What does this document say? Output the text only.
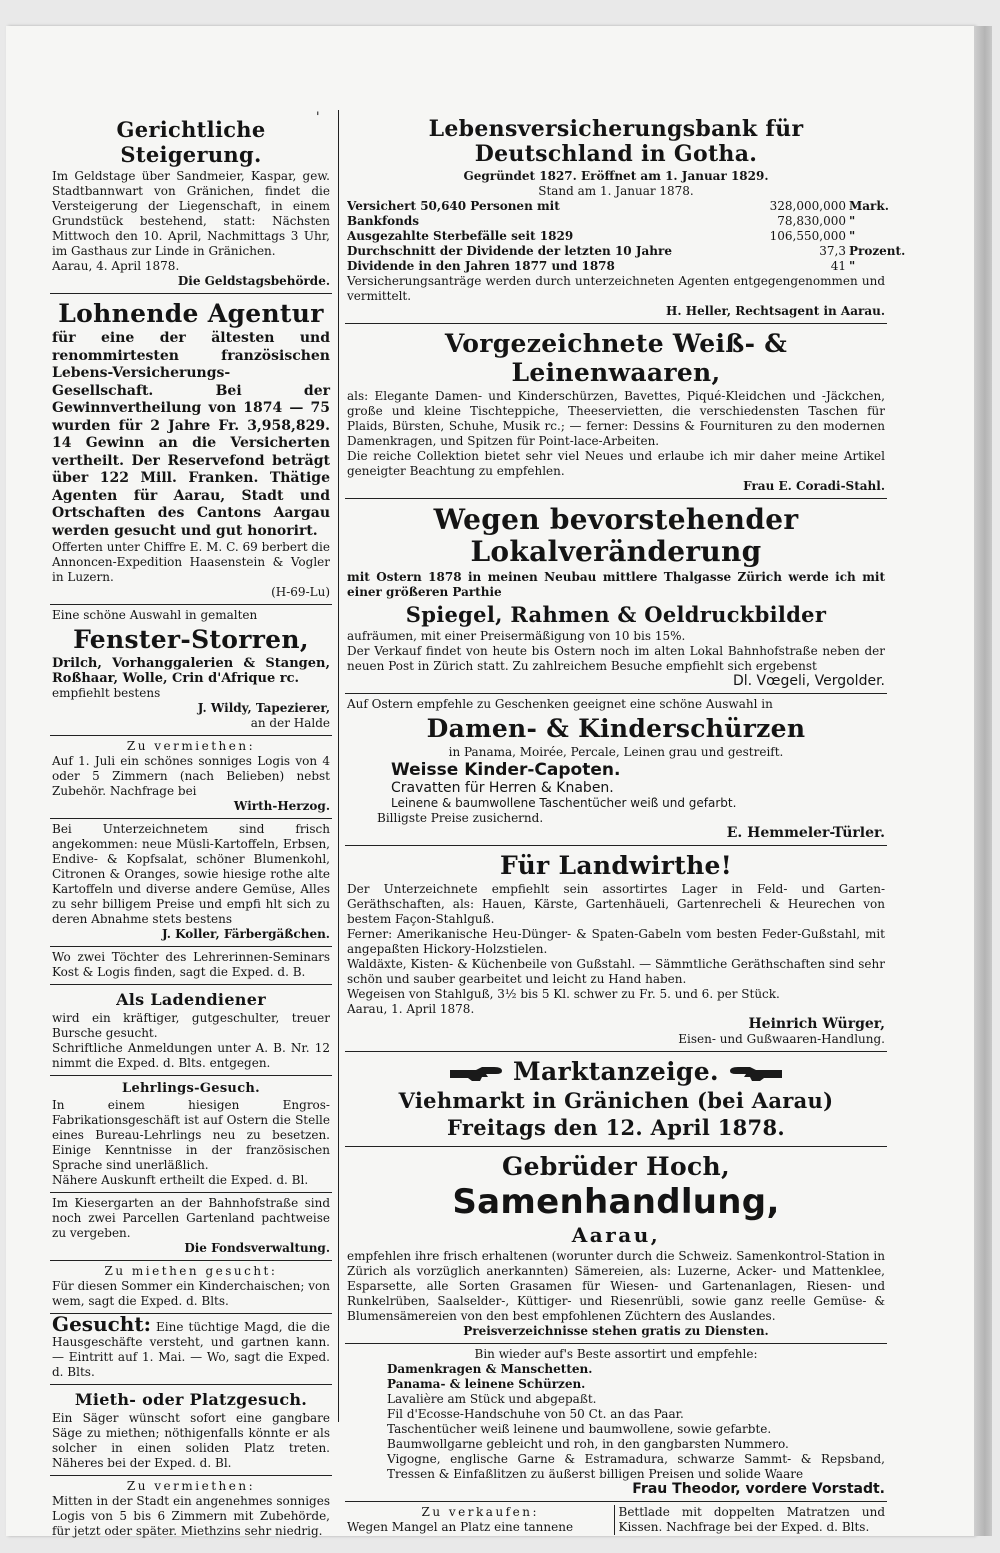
'
Gerichtliche Steigerung.

Im Geldstage über Sandmeier, Kaspar, gew. Stadtbannwart von Gränichen, findet die Versteigerung der Liegenschaft, in einem Grundstück bestehend, statt: Nächsten Mittwoch den 10. April, Nachmittags 3 Uhr, im Gasthaus zur Linde in Gränichen.

Aarau, 4. April 1878.

Die Geldstagsbehörde.

Lohnende Agentur

für eine der ältesten und renommirtesten französischen Lebens-Versicherungs-Gesellschaft. Bei der Gewinnvertheilung von 1874 — 75 wurden für 2 Jahre Fr. 3,958,829. 14 Gewinn an die Versicherten vertheilt. Der Reservefond beträgt über 122 Mill. Franken. Thätige Agenten für Aarau, Stadt und Ortschaften des Cantons Aargau werden gesucht und gut honorirt.

Offerten unter Chiffre E. M. C. 69 berbert die Annoncen-Expedition Haasenstein & Vogler in Luzern.

(H-69-Lu)

Eine schöne Auswahl in gemalten

Fenster-Storren,

Drilch, Vorhanggalerien & Stangen, Roßhaar, Wolle, Crin d'Afrique rc.

empfiehlt bestens

J. Wildy, Tapezierer,

an der Halde

Zu vermiethen:

Auf 1. Juli ein schönes sonniges Logis von 4 oder 5 Zimmern (nach Belieben) nebst Zubehör. Nachfrage bei

Wirth-Herzog.

Bei Unterzeichnetem sind frisch angekommen: neue Müsli-Kartoffeln, Erbsen, Endive- & Kopfsalat, schöner Blumenkohl, Citronen & Oranges, sowie hiesige rothe alte Kartoffeln und diverse andere Gemüse, Alles zu sehr billigem Preise und empfi hlt sich zu deren Abnahme stets bestens

J. Koller, Färbergäßchen.

Wo zwei Töchter des Lehrerinnen-Seminars Kost & Logis finden, sagt die Exped. d. B.

Als Ladendiener

wird ein kräftiger, gutgeschulter, treuer Bursche gesucht.

Schriftliche Anmeldungen unter A. B. Nr. 12 nimmt die Exped. d. Blts. entgegen.

Lehrlings-Gesuch.

In einem hiesigen Engros-Fabrikationsgeschäft ist auf Ostern die Stelle eines Bureau-Lehrlings neu zu besetzen. Einige Kenntnisse in der französischen Sprache sind unerläßlich.

Nähere Auskunft ertheilt die Exped. d. Bl.

Im Kiesergarten an der Bahnhofstraße sind noch zwei Parcellen Gartenland pachtweise zu vergeben.

Die Fondsverwaltung.

Zu miethen gesucht:

Für diesen Sommer ein Kinderchaischen; von wem, sagt die Exped. d. Blts.

Gesucht: Eine tüchtige Magd, die die Hausgeschäfte versteht, und gartnen kann. — Eintritt auf 1. Mai. — Wo, sagt die Exped. d. Blts.

Mieth- oder Platzgesuch.

Ein Säger wünscht sofort eine gangbare Säge zu miethen; nöthigenfalls könnte er als solcher in einen soliden Platz treten. Näheres bei der Exped. d. Bl.

Zu vermiethen:

Mitten in der Stadt ein angenehmes sonniges Logis von 5 bis 6 Zimmern mit Zubehörde, für jetzt oder später. Miethzins sehr niedrig.

Lebensversicherungsbank für Deutschland in Gotha.

Gegründet 1827. Eröffnet am 1. Januar 1829.

Stand am 1. Januar 1878.

Versichert 50,640 Personen mit	328,000,000 Mark.
Bankfonds	78,830,000 "
Ausgezahlte Sterbefälle seit 1829	106,550,000 "
Durchschnitt der Dividende der letzten 10 Jahre	37,3 Prozent.
Dividende in den Jahren 1877 und 1878	41 "

Versicherungsanträge werden durch unterzeichneten Agenten entgegengenommen und vermittelt.

H. Heller, Rechtsagent in Aarau.

Vorgezeichnete Weiß- & Leinenwaaren,

als: Elegante Damen- und Kinderschürzen, Bavettes, Piqué-Kleidchen und -Jäckchen, große und kleine Tischteppiche, Theeservietten, die verschiedensten Taschen für Plaids, Bürsten, Schuhe, Musik rc.; — ferner: Dessins & Fournituren zu den modernen Damenkragen, und Spitzen für Point-lace-Arbeiten.

Die reiche Collektion bietet sehr viel Neues und erlaube ich mir daher meine Artikel geneigter Beachtung zu empfehlen.

Frau E. Coradi-Stahl.

Wegen bevorstehender Lokalveränderung

mit Ostern 1878 in meinen Neubau mittlere Thalgasse Zürich werde ich mit einer größeren Parthie

Spiegel, Rahmen & Oeldruckbilder

aufräumen, mit einer Preisermäßigung von 10 bis 15%.

Der Verkauf findet von heute bis Ostern noch im alten Lokal Bahnhofstraße neben der neuen Post in Zürich statt. Zu zahlreichem Besuche empfiehlt sich ergebenst

Dl. Vœgeli, Vergolder.

Auf Ostern empfehle zu Geschenken geeignet eine schöne Auswahl in

Damen- & Kinderschürzen

in Panama, Moirée, Percale, Leinen grau und gestreift.

Weisse Kinder-Capoten.

Cravatten für Herren & Knaben.

Leinene & baumwollene Taschentücher weiß und gefarbt.

Billigste Preise zusichernd.

E. Hemmeler-Türler.

Für Landwirthe!

Der Unterzeichnete empfiehlt sein assortirtes Lager in Feld- und Garten-Geräthschaften, als: Hauen, Kärste, Gartenhäueli, Gartenrecheli & Heurechen von bestem Façon-Stahlguß.

Ferner: Amerikanische Heu-Dünger- & Spaten-Gabeln vom besten Feder-Gußstahl, mit angepaßten Hickory-Holzstielen.

Waldäxte, Kisten- & Küchenbeile von Gußstahl. — Sämmtliche Geräthschaften sind sehr schön und sauber gearbeitet und leicht zu Hand haben.

Wegeisen von Stahlguß, 3½ bis 5 Kl. schwer zu Fr. 5. und 6. per Stück.

Aarau, 1. April 1878.

Heinrich Würger,

Eisen- und Gußwaaren-Handlung.

Marktanzeige.
Viehmarkt in Gränichen (bei Aarau)
Freitags den 12. April 1878.
Gebrüder Hoch,
Samenhandlung,
Aarau,

empfehlen ihre frisch erhaltenen (worunter durch die Schweiz. Samenkontrol-Station in Zürich als vorzüglich anerkannten) Sämereien, als: Luzerne, Acker- und Mattenklee, Esparsette, alle Sorten Grasamen für Wiesen- und Gartenanlagen, Riesen- und Runkelrüben, Saalselder-, Küttiger- und Riesenrübli, sowie ganz reelle Gemüse- & Blumensämereien von den best empfohlenen Züchtern des Auslandes.

Preisverzeichnisse stehen gratis zu Diensten.

Bin wieder auf's Beste assortirt und empfehle:

Damenkragen & Manschetten.

Panama- & leinene Schürzen.

Lavalière am Stück und abgepaßt.

Fil d'Ecosse-Handschuhe von 50 Ct. an das Paar.

Taschentücher weiß leinene und baumwollene, sowie gefarbte.

Baumwollgarne gebleicht und roh, in den gangbarsten Nummero.

Vigogne, englische Garne & Estramadura, schwarze Sammt- & Repsband, Tressen & Einfaßlitzen zu äußerst billigen Preisen und solide Waare

Frau Theodor, vordere Vorstadt.

Zu verkaufen:

Wegen Mangel an Platz eine tannene

Bettlade mit doppelten Matratzen und Kissen. Nachfrage bei der Exped. d. Blts.
